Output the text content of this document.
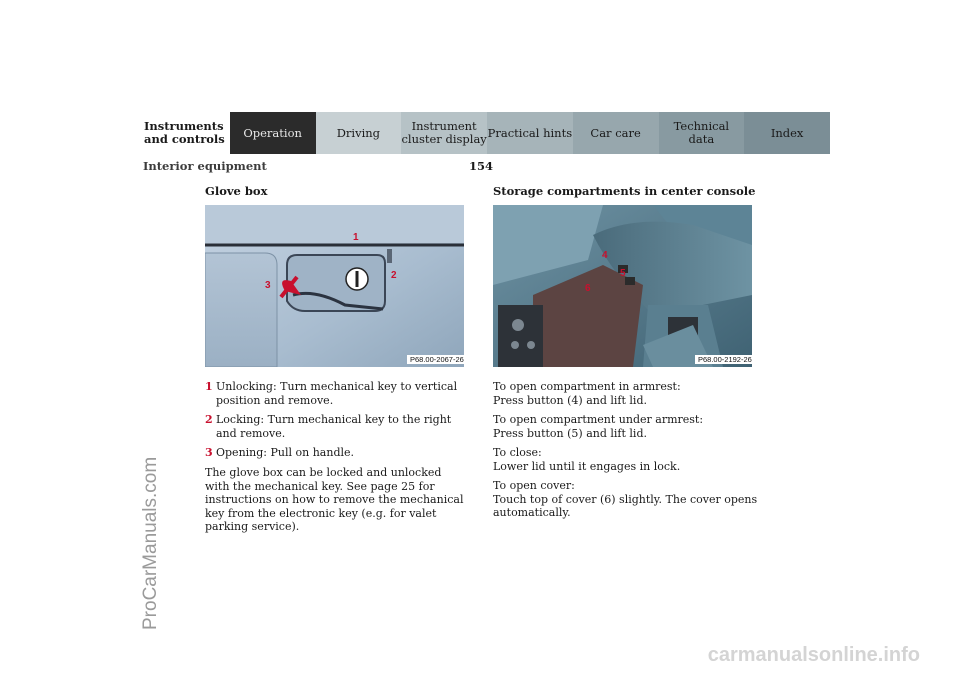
Instruments
and controls Operation	Driving	Instrument
cluster display Practical hints Car care	Technical
data	Index
Interior equipment	154
ProCarManuals.com
Glove box
1
2
3
P68.00-2067-26
1 Unlocking: Turn mechanical key to vertical position and remove.
2 Locking: Turn mechanical key to the right and remove.
3 Opening: Pull on handle.

The glove box can be locked and unlocked with the mechanical key. See page 25 for instructions on how to remove the mechanical key from the electronic key (e.g. for valet parking service).

Storage compartments in center console
4
5
6
P68.00-2192-26

To open compartment in armrest:
Press button (4) and lift lid.

To open compartment under armrest:
Press button (5) and lift lid.

To close:
Lower lid until it engages in lock.

To open cover:
Touch top of cover (6) slightly. The cover opens automatically.

carmanualsonline.info
